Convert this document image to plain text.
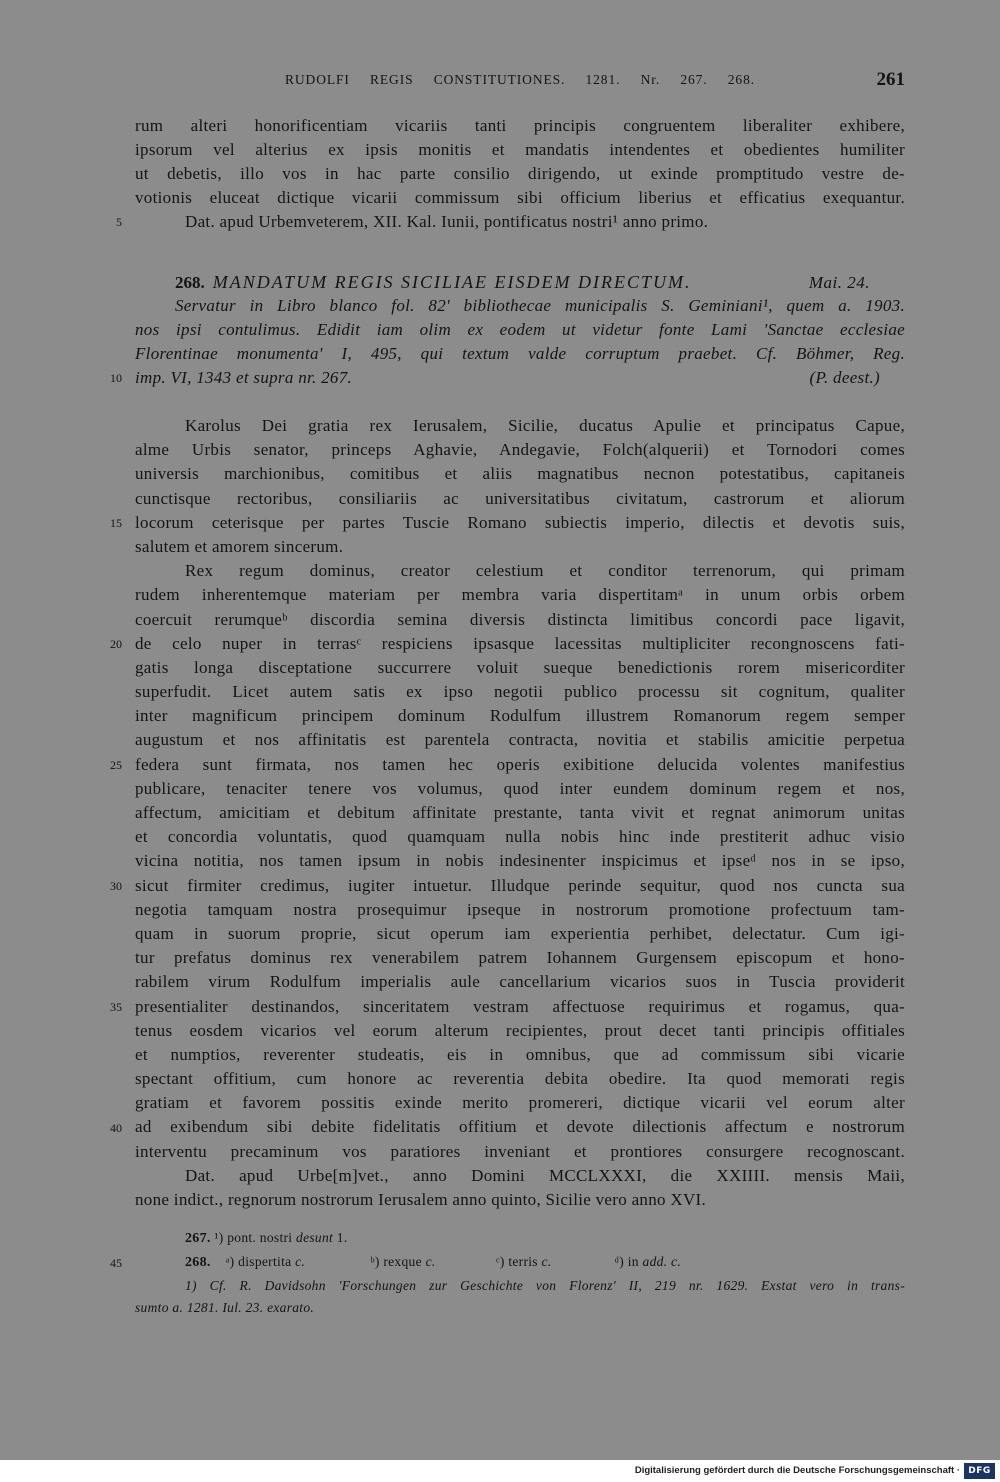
RUDOLFI REGIS CONSTITUTIONES. 1281. Nr. 267. 268.	261
rum alteri honorificentiam vicariis tanti principis congruentem liberaliter exhibere,
ipsorum vel alterius ex ipsis monitis et mandatis intendentes et obedientes humiliter
ut debetis, illo vos in hac parte consilio dirigendo, ut exinde promptitudo vestre de-
votionis eluceat dictique vicarii commissum sibi officium liberius et efficatius exequantur.
Dat. apud Urbemveterem, XII. Kal. Iunii, pontificatus nostri¹ anno primo.
268. MANDATUM REGIS SICILIAE EISDEM DIRECTUM.	Mai. 24.
Servatur in Libro blanco fol. 82' bibliothecae municipalis S. Geminiani¹, quem a. 1903.
nos ipsi contulimus. Edidit iam olim ex eodem ut videtur fonte Lami 'Sanctae ecclesiae
Florentinae monumenta' I, 495, qui textum valde corruptum praebet. Cf. Böhmer, Reg.
imp. VI, 1343 et supra nr. 267.	(P. deest.)
Karolus Dei gratia rex Ierusalem, Sicilie, ducatus Apulie et principatus Capue,
alme Urbis senator, princeps Aghavie, Andegavie, Folch(alquerii) et Tornodori comes
universis marchionibus, comitibus et aliis magnatibus necnon potestatibus, capitaneis
cunctisque rectoribus, consiliariis ac universitatibus civitatum, castrorum et aliorum
locorum ceterisque per partes Tuscie Romano subiectis imperio, dilectis et devotis suis,
salutem et amorem sincerum.
Rex regum dominus, creator celestium et conditor terrenorum, qui primam
rudem inherentemque materiam per membra varia dispertitamᵃ in unum orbis orbem
coercuit rerumqueᵇ discordia semina diversis distincta limitibus concordi pace ligavit,
de celo nuper in terrasᶜ respiciens ipsasque lacessitas multipliciter recongnoscens fati-
gatis longa disceptatione succurrere voluit sueque benedictionis rorem misericorditer
superfudit. Licet autem satis ex ipso negotii publico processu sit cognitum, qualiter
inter magnificum principem dominum Rodulfum illustrem Romanorum regem semper
augustum et nos affinitatis est parentela contracta, novitia et stabilis amicitie perpetua
federa sunt firmata, nos tamen hec operis exibitione delucida volentes manifestius
publicare, tenaciter tenere vos volumus, quod inter eundem dominum regem et nos,
affectum, amicitiam et debitum affinitate prestante, tanta vivit et regnat animorum unitas
et concordia voluntatis, quod quamquam nulla nobis hinc inde prestiterit adhuc visio
vicina notitia, nos tamen ipsum in nobis indesinenter inspicimus et ipseᵈ nos in se ipso,
sicut firmiter credimus, iugiter intuetur. Illudque perinde sequitur, quod nos cuncta sua
negotia tamquam nostra prosequimur ipseque in nostrorum promotione profectuum tam-
quam in suorum proprie, sicut operum iam experientia perhibet, delectatur. Cum igi-
tur prefatus dominus rex venerabilem patrem Iohannem Gurgensem episcopum et hono-
rabilem virum Rodulfum imperialis aule cancellarium vicarios suos in Tuscia providerit
presentialiter destinandos, sinceritatem vestram affectuose requirimus et rogamus, qua-
tenus eosdem vicarios vel eorum alterum recipientes, prout decet tanti principis offitiales
et numptios, reverenter studeatis, eis in omnibus, que ad commissum sibi vicarie
spectant offitium, cum honore ac reverentia debita obedire. Ita quod memorati regis
gratiam et favorem possitis exinde merito promereri, dictique vicarii vel eorum alter
ad exibendum sibi debite fidelitatis offitium et devote dilectionis affectum e nostrorum
interventu precaminum vos paratiores inveniant et prontiores consurgere recognoscant.
Dat. apud Urbe[m]vet., anno Domini MCCLXXXI, die XXIIII. mensis Maii,
none indict., regnorum nostrorum Ierusalem anno quinto, Sicilie vero anno XVI.
5
10
15
20
25
30
35
40
45
267. ¹) pont. nostri desunt 1.
268. ᵃ) dispertita c.	ᵇ) rexque c.	ᶜ) terris c.	ᵈ) in add. c.
1) Cf. R. Davidsohn 'Forschungen zur Geschichte von Florenz' II, 219 nr. 1629. Exstat vero in trans-
sumto a. 1281. Iul. 23. exarato.
Digitalisierung gefördert durch die Deutsche Forschungsgemeinschaft · DFG
